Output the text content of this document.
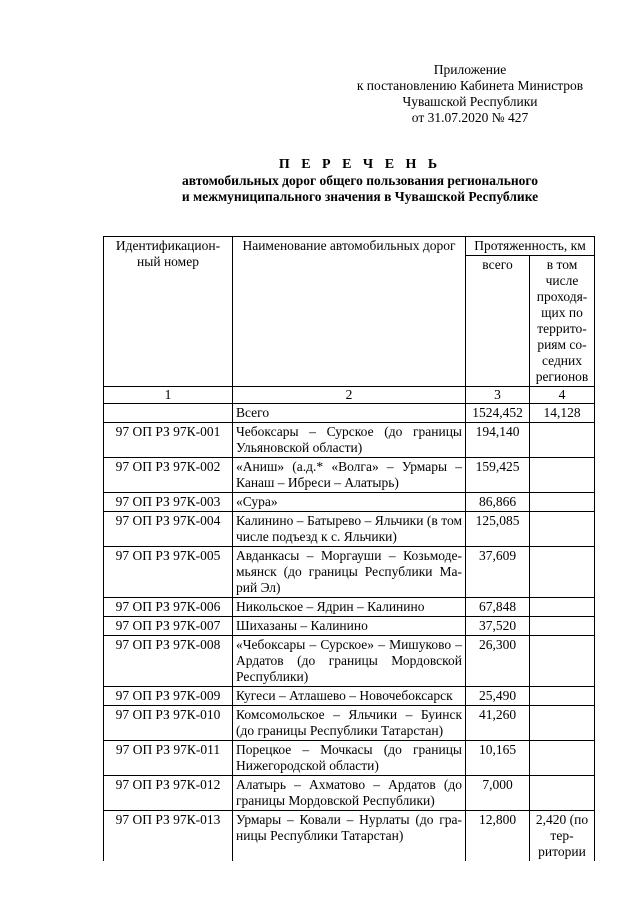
Приложение
к постановлению Кабинета Министров
Чувашской Республики
от 31.07.2020 № 427
П Е Р Е Ч Е Н Ь
автомобильных дорог общего пользования регионального
и межмуниципального значения в Чувашской Республике
Идентификацион-ный номер	Наименование автомобильных дорог	Протяженность, км	
		всего	в том числе проходя-щих по террито-риям со-седних регионов
1	2	3	4
	Всего	1524,452	14,128
97 ОП РЗ 97К-001	Чебоксары – Сурское (до границы Ульяновской области)	194,140	
97 ОП РЗ 97К-002	«Аниш» (а.д.* «Волга» – Урмары – Канаш – Ибреси – Алатырь)	159,425	
97 ОП РЗ 97К-003	«Сура»	86,866	
97 ОП РЗ 97К-004	Калинино – Батырево – Яльчики (в том числе подъезд к с. Яльчики)	125,085	
97 ОП РЗ 97К-005	Авданкасы – Моргауши – Козьмоде-мьянск (до границы Республики Ма-рий Эл)	37,609	
97 ОП РЗ 97К-006	Никольское – Ядрин – Калинино	67,848	
97 ОП РЗ 97К-007	Шихазаны – Калинино	37,520	
97 ОП РЗ 97К-008	«Чебоксары – Сурское» – Мишуково – Ардатов (до границы Мордовской Республики)	26,300	
97 ОП РЗ 97К-009	Кугеси – Атлашево – Новочебоксарск	25,490	
97 ОП РЗ 97К-010	Комсомольское – Яльчики – Буинск (до границы Республики Татарстан)	41,260	
97 ОП РЗ 97К-011	Порецкое – Мочкасы (до границы Нижегородской области)	10,165	
97 ОП РЗ 97К-012	Алатырь – Ахматово – Ардатов (до границы Мордовской Республики)	7,000	
97 ОП РЗ 97К-013	Урмары – Ковали – Нурлаты (до гра-ницы Республики Татарстан)	12,800	2,420 (по тер-ритории
